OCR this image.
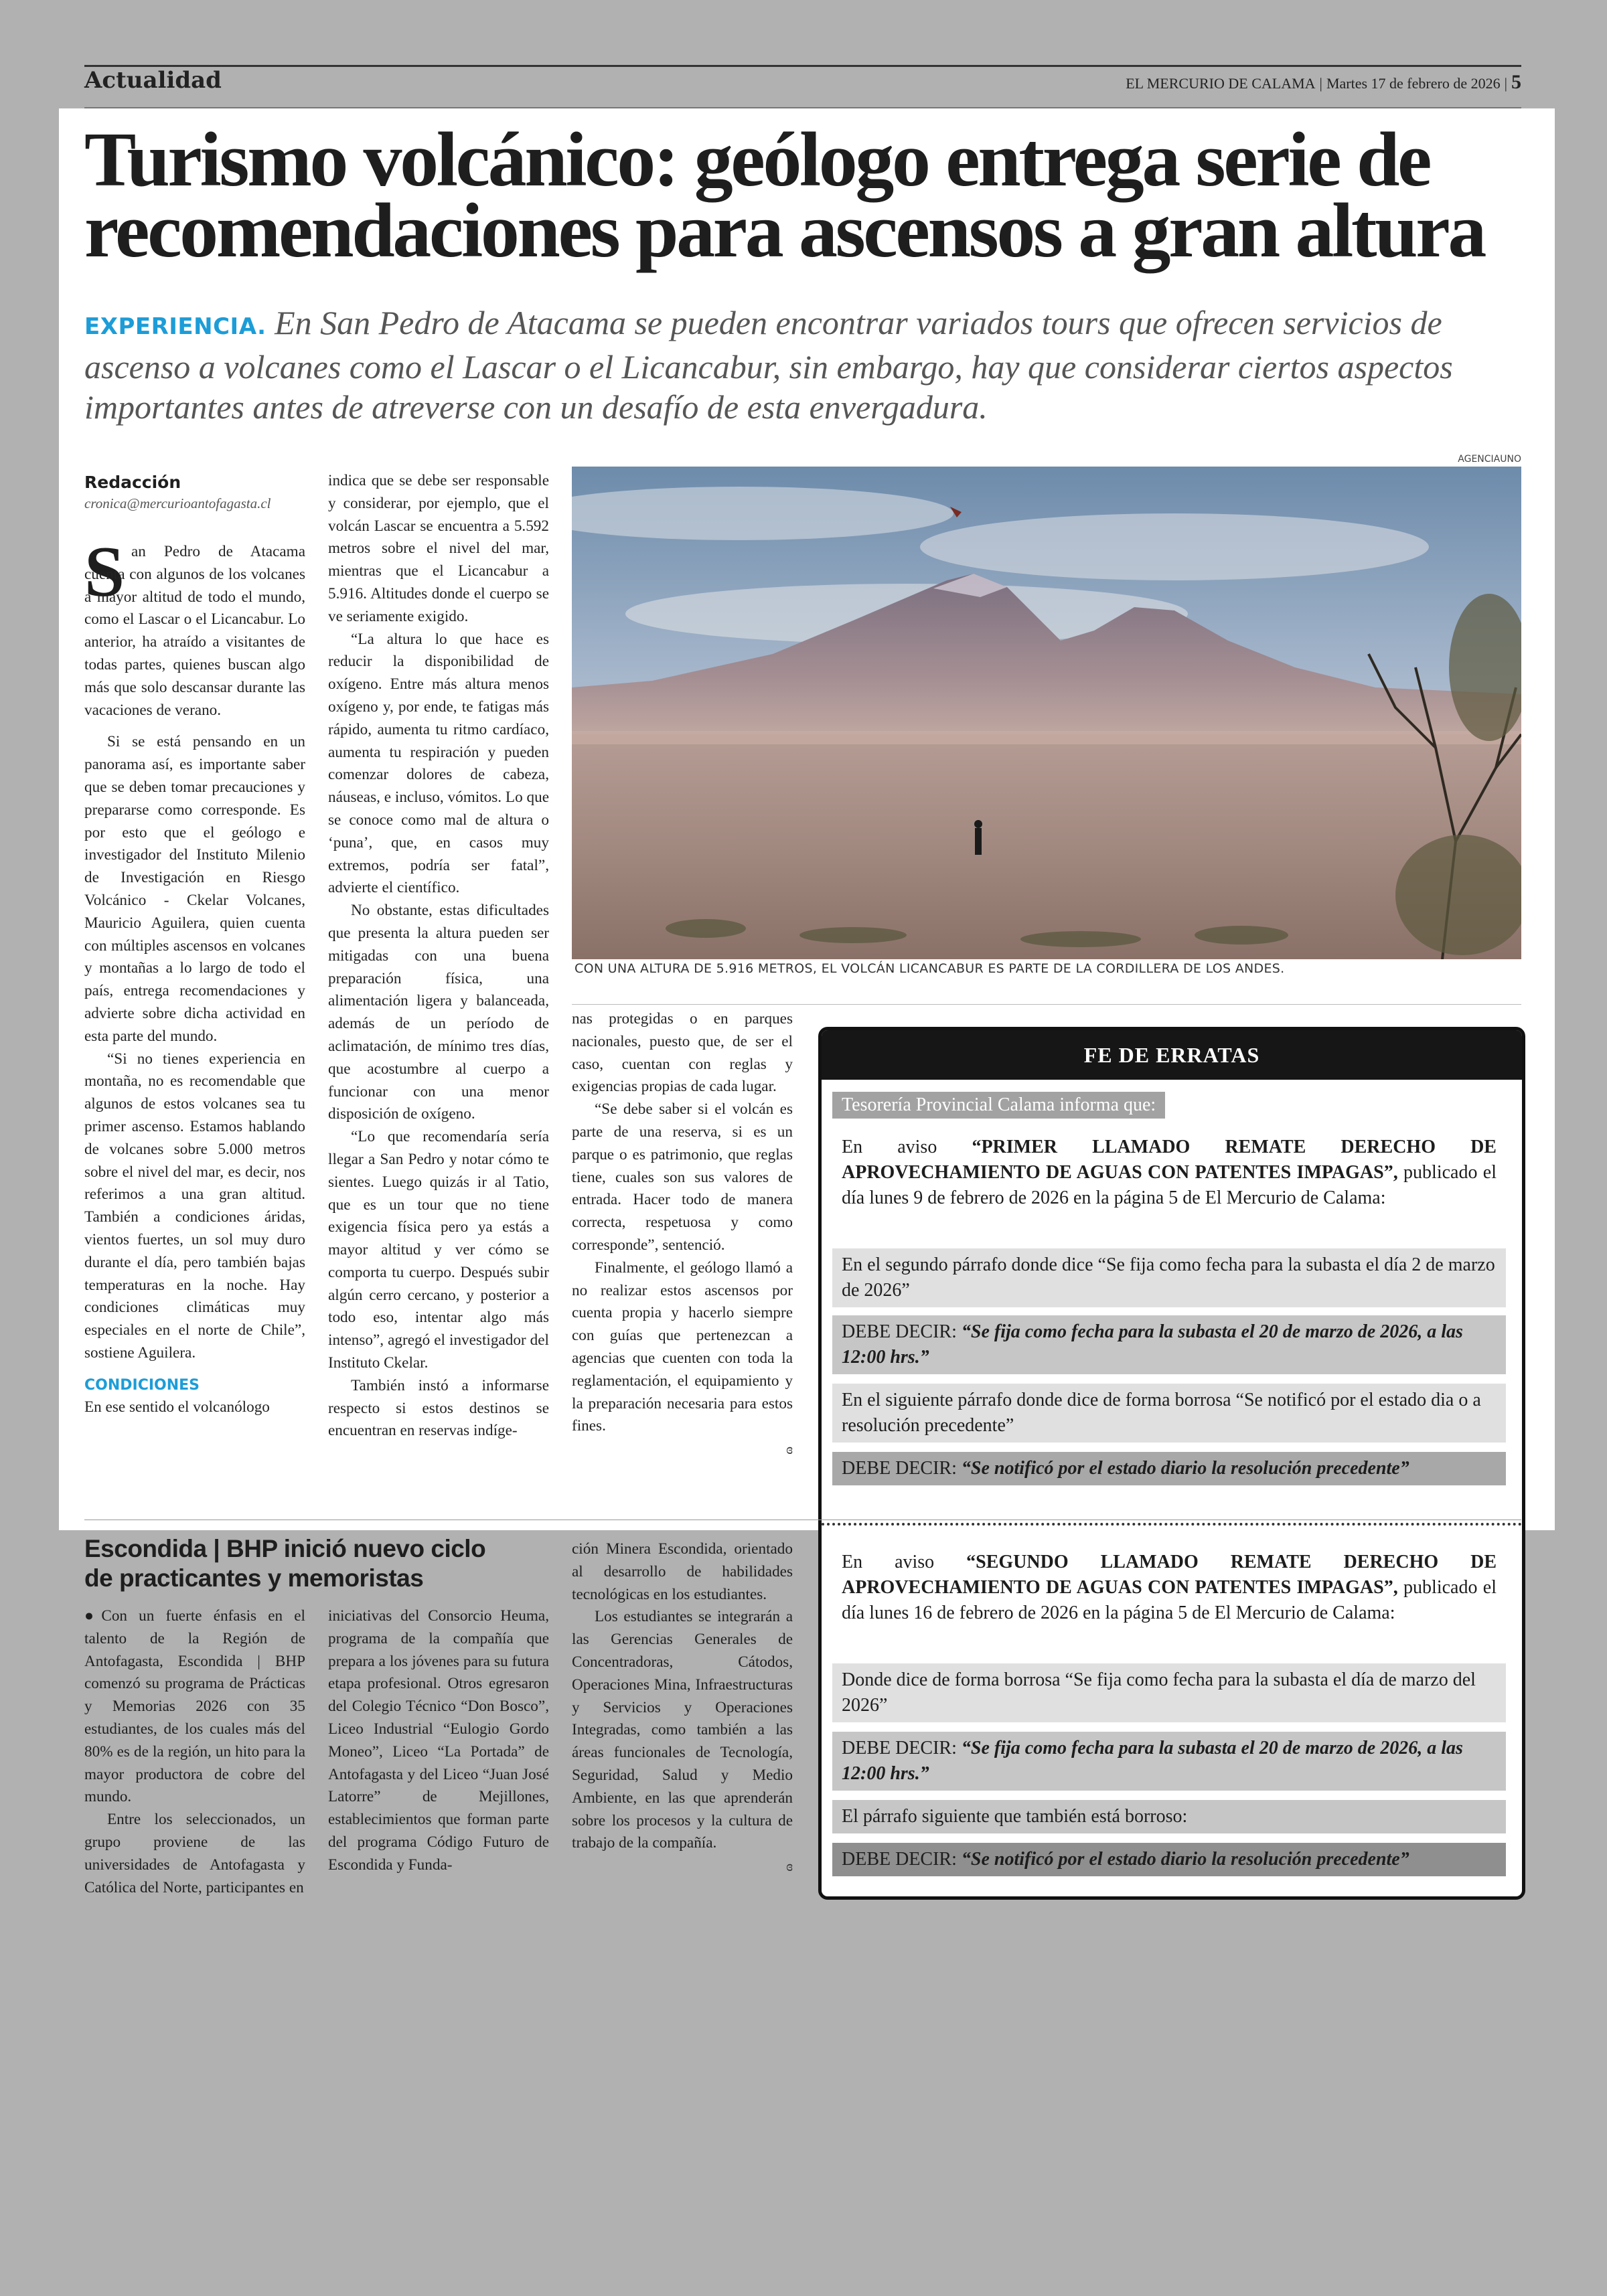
Actualidad	EL MERCURIO DE CALAMA | Martes 17 de febrero de 2026 | 5
Turismo volcánico: geólogo entrega serie de
recomendaciones para ascensos a gran altura
EXPERIENCIA. En San Pedro de Atacama se pueden encontrar variados tours que ofrecen servicios de ascenso a volcanes como el Lascar o el Licancabur, sin embargo, hay que considerar ciertos aspectos importantes antes de atreverse con un desafío de esta envergadura.
Redacción
cronica@mercurioantofagasta.cl
S an Pedro de Atacama cuenta con algunos de los volcanes a mayor altitud de todo el mundo, como el Lascar o el Licancabur. Lo anterior, ha atraído a visitantes de todas partes, quienes buscan algo más que solo descansar durante las vacaciones de verano.

Si se está pensando en un panorama así, es importante saber que se deben tomar precauciones y prepararse como corresponde. Es por esto que el geólogo e investigador del Instituto Milenio de Investigación en Riesgo Volcánico - Ckelar Volcanes, Mauricio Aguilera, quien cuenta con múltiples ascensos en volcanes y montañas a lo largo de todo el país, entrega recomendaciones y advierte sobre dicha actividad en esta parte del mundo.

“Si no tienes experiencia en montaña, no es recomendable que algunos de estos volcanes sea tu primer ascenso. Estamos hablando de volcanes sobre 5.000 metros sobre el nivel del mar, es decir, nos referimos a una gran altitud. También a condiciones áridas, vientos fuertes, un sol muy duro durante el día, pero también bajas temperaturas en la noche. Hay condiciones climáticas muy especiales en el norte de Chile”, sostiene Aguilera.

CONDICIONES

En ese sentido el volcanólogo

indica que se debe ser responsable y considerar, por ejemplo, que el volcán Lascar se encuentra a 5.592 metros sobre el nivel del mar, mientras que el Licancabur a 5.916. Altitudes donde el cuerpo se ve seriamente exigido.

“La altura lo que hace es reducir la disponibilidad de oxígeno. Entre más altura menos oxígeno y, por ende, te fatigas más rápido, aumenta tu ritmo cardíaco, aumenta tu respiración y pueden comenzar dolores de cabeza, náuseas, e incluso, vómitos. Lo que se conoce como mal de altura o ‘puna’, que, en casos muy extremos, podría ser fatal”, advierte el científico.

No obstante, estas dificultades que presenta la altura pueden ser mitigadas con una buena preparación física, una alimentación ligera y balanceada, además de un período de aclimatación, de mínimo tres días, que acostumbre al cuerpo a funcionar con una menor disposición de oxígeno.

“Lo que recomendaría sería llegar a San Pedro y notar cómo te sientes. Luego quizás ir al Tatio, que es un tour que no tiene exigencia física pero ya estás a mayor altitud y ver cómo se comporta tu cuerpo. Después subir algún cerro cercano, y posterior a todo eso, intentar algo más intenso”, agregó el investigador del Instituto Ckelar.

También instó a informarse respecto si estos destinos se encuentran en reservas indíge-

AGENCIAUNO
CON UNA ALTURA DE 5.916 METROS, EL VOLCÁN LICANCABUR ES PARTE DE LA CORDILLERA DE LOS ANDES.

nas protegidas o en parques nacionales, puesto que, de ser el caso, cuentan con reglas y exigencias propias de cada lugar.

“Se debe saber si el volcán es parte de una reserva, si es un parque o es patrimonio, que reglas tiene, cuales son sus valores de entrada. Hacer todo de manera correcta, respetuosa y como corresponde”, sentenció.

Finalmente, el geólogo llamó a no realizar estos ascensos por cuenta propia y hacerlo siempre con guías que pertenezcan a agencias que cuenten con toda la reglamentación, el equipamiento y la preparación necesaria para estos fines.

ɞ
FE DE ERRATAS
Tesorería Provincial Calama informa que:
En aviso “PRIMER LLAMADO REMATE DERECHO DE APROVECHAMIENTO DE AGUAS CON PATENTES IMPAGAS”, publicado el día lunes 9 de febrero de 2026 en la página 5 de El Mercurio de Calama:
En el segundo párrafo donde dice “Se fija como fecha para la subasta el día 2 de marzo de 2026”
DEBE DECIR: “Se fija como fecha para la subasta el 20 de marzo de 2026, a las 12:00 hrs.”
En el siguiente párrafo donde dice de forma borrosa “Se notificó por el estado dia o a resolución precedente”
DEBE DECIR: “Se notificó por el estado diario la resolución precedente”
En aviso “SEGUNDO LLAMADO REMATE DERECHO DE APROVECHAMIENTO DE AGUAS CON PATENTES IMPAGAS”, publicado el día lunes 16 de febrero de 2026 en la página 5 de El Mercurio de Calama:
Donde dice de forma borrosa “Se fija como fecha para la subasta el día de marzo del 2026”
DEBE DECIR: “Se fija como fecha para la subasta el 20 de marzo de 2026, a las 12:00 hrs.”
El párrafo siguiente que también está borroso:
DEBE DECIR: “Se notificó por el estado diario la resolución precedente”
Escondida | BHP inició nuevo ciclo de practicantes y memoristas

●Con un fuerte énfasis en el talento de la Región de Antofagasta, Escondida | BHP comenzó su programa de Prácticas y Memorias 2026 con 35 estudiantes, de los cuales más del 80% es de la región, un hito para la mayor productora de cobre del mundo.

Entre los seleccionados, un grupo proviene de las universidades de Antofagasta y Católica del Norte, participantes en

iniciativas del Consorcio Heuma, programa de la compañía que prepara a los jóvenes para su futura etapa profesional. Otros egresaron del Colegio Técnico “Don Bosco”, Liceo Industrial “Eulogio Gordo Moneo”, Liceo “La Portada” de Antofagasta y del Liceo “Juan José Latorre” de Mejillones, establecimientos que forman parte del programa Código Futuro de Escondida y Funda-

ción Minera Escondida, orientado al desarrollo de habilidades tecnológicas en los estudiantes.

Los estudiantes se integrarán a las Gerencias Generales de Concentradoras, Cátodos, Operaciones Mina, Infraestructuras y Servicios y Operaciones Integradas, como también a las áreas funcionales de Tecnología, Seguridad, Salud y Medio Ambiente, en las que aprenderán sobre los procesos y la cultura de trabajo de la compañía.

ɞ
